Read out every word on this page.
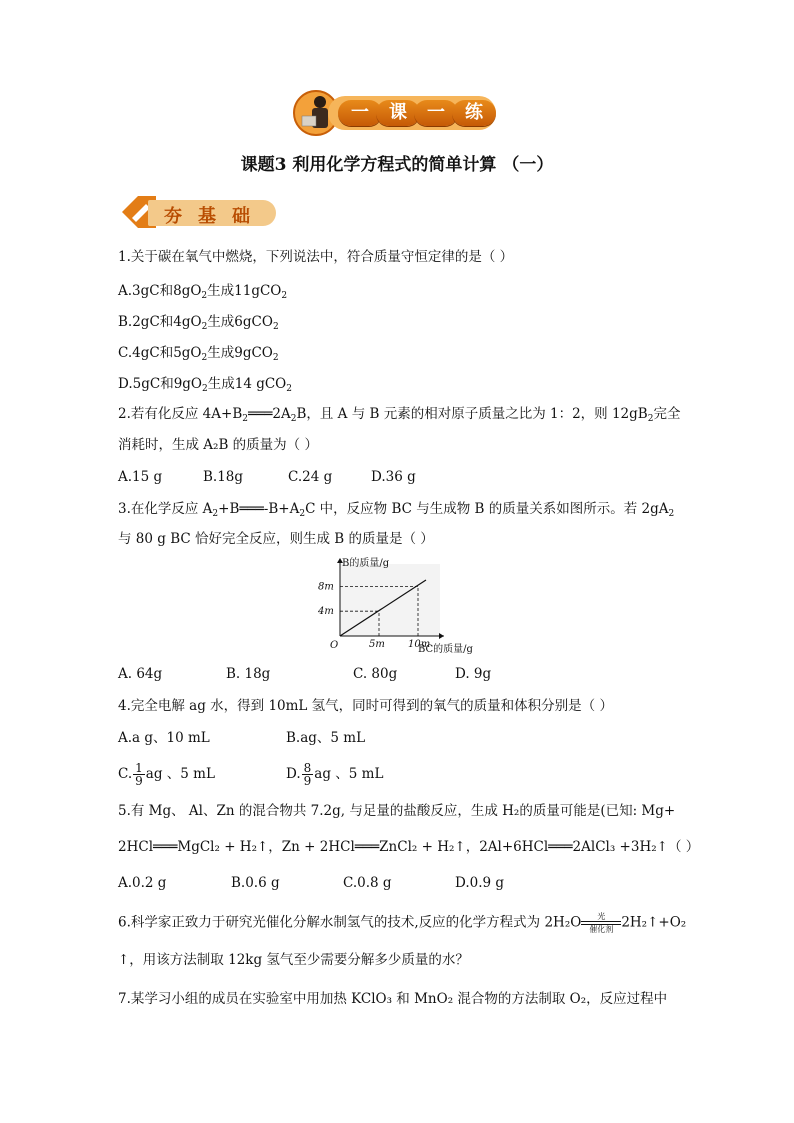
一	课	一	练
课题3 利用化学方程式的简单计算 （一）
夯 基 础
1.关于碳在氧气中燃烧，下列说法中，符合质量守恒定律的是（ ）
A.3gC和$8gO_2$生成11gCO$_2$
B.2gC和$4gO_2$生成6gCO$_2$
C.4gC和$5gO_2$生成9gCO$_2$
D.5gC和$9gO_2$生成14 gCO$_2$
2.若有化反应 $4A+B_2═══2A_2B$，且 A 与 B 元素的相对原子质量之比为 1：2，则 $12gB_2$完全
消耗时，生成 A₂B 的质量为（ ）
A.15 g	B.18g	C.24 g	D.36 g
3.在化学反应 $A_2+B═══-B+A_2C$ 中，反应物 BC 与生成物 B 的质量关系如图所示。若 $2gA_2$
与 80 g BC 恰好完全反应，则生成 B 的质量是（ ）
B的质量/g
BC的质量/g
O	5m 10m
4m
8m
A. 64g	B. 18g	C. 80g	D. 9g
4.完全电解 ag 水，得到 10mL 氢气，同时可得到的氧气的质量和体积分别是（ ）
A.a g、10 mL	B.ag、5 mL
C. $\frac{1}{9}$ ag 、5 mL	D. $\frac{8}{9}$ ag 、5 mL
5.有 Mg、 Al、Zn 的混合物共 7.2g, 与足量的盐酸反应，生成 H₂的质量可能是(已知: Mg+
2HCl═══MgCl₂ + H₂↑，Zn + 2HCl═══ZnCl₂ + H₂↑，2Al+6HCl═══2AlCl₃ +3H₂↑（ ）
A.0.2 g	B.0.6 g	C.0.8 g	D.0.9 g
6.科学家正致力于研究光催化分解水制氢气的技术,反应的化学方程式为 2H₂O	光
催化剂 2H₂↑+O₂
↑，用该方法制取 12kg 氢气至少需要分解多少质量的水？
7.某学习小组的成员在实验室中用加热 KClO₃ 和 MnO₂ 混合物的方法制取 O₂，反应过程中
